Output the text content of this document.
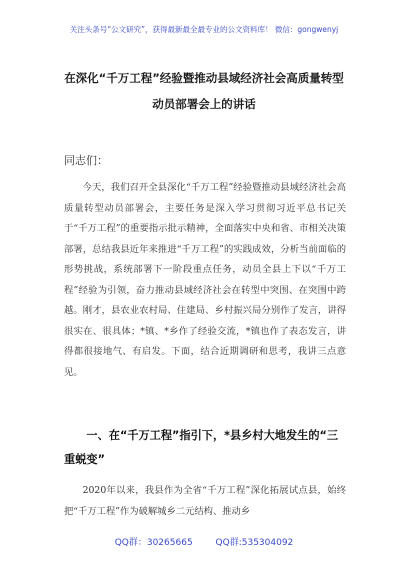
关注头条号“公文研究”，获得最新最全最专业的公文资料库！ 微信：gongwenyj
在深化“千万工程”经验暨推动县域经济社会高质量转型
动员部署会上的讲话
同志们：

今天，我们召开全县深化“千万工程”经验暨推动县域经济社会高质量转型动员部署会，主要任务是深入学习贯彻习近平总书记关于“千万工程”的重要指示批示精神，全面落实中央和省、市相关决策部署，总结我县近年来推进“千万工程”的实践成效，分析当前面临的形势挑战，系统部署下一阶段重点任务，动员全县上下以“千万工程”经验为引领，奋力推动县域经济社会在转型中突围、在突围中跨越。刚才，县农业农村局、住建局、乡村振兴局分别作了发言，讲得很实在、很具体；*镇、*乡作了经验交流，*镇也作了表态发言，讲得都很接地气、有启发。下面，结合近期调研和思考，我讲三点意见。

一、在“千万工程”指引下，*县乡村大地发生的“三重蜕变”

2020年以来，我县作为全省“千万工程”深化拓展试点县，始终把“千万工程”作为破解城乡二元结构、推动乡

QQ群：30265665	QQ群:535304092
